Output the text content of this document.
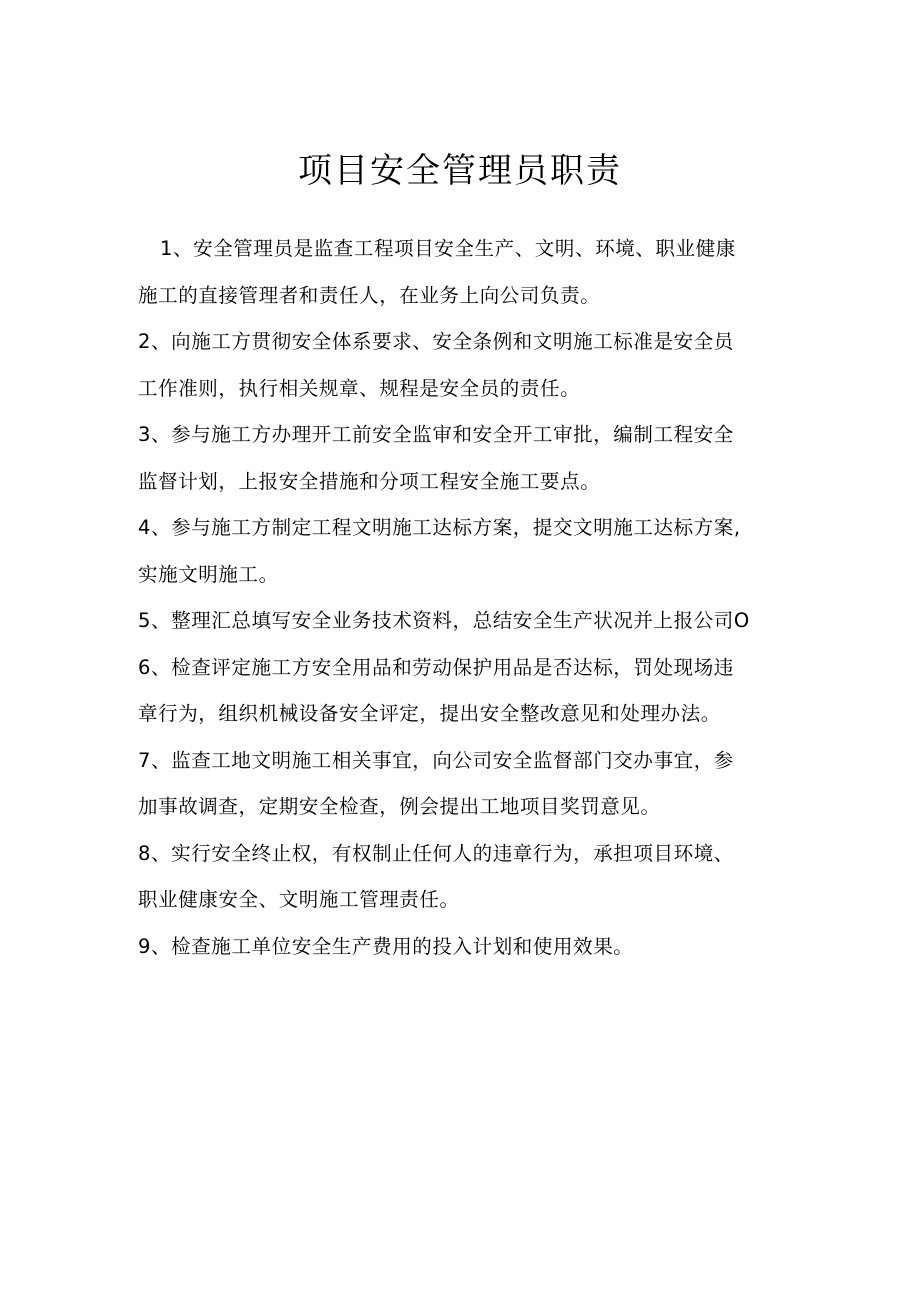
项目安全管理员职责

1、安全管理员是监查工程项目安全生产、文明、环境、职业健康
施工的直接管理者和责任人，在业务上向公司负责。

2、向施工方贯彻安全体系要求、安全条例和文明施工标准是安全员
工作准则，执行相关规章、规程是安全员的责任。

3、参与施工方办理开工前安全监审和安全开工审批，编制工程安全
监督计划，上报安全措施和分项工程安全施工要点。

4、参与施工方制定工程文明施工达标方案，提交文明施工达标方案,
实施文明施工。

5、整理汇总填写安全业务技术资料，总结安全生产状况并上报公司O

6、检查评定施工方安全用品和劳动保护用品是否达标，罚处现场违
章行为，组织机械设备安全评定，提出安全整改意见和处理办法。

7、监查工地文明施工相关事宜，向公司安全监督部门交办事宜，参
加事故调查，定期安全检查，例会提出工地项目奖罚意见。

8、实行安全终止权，有权制止任何人的违章行为，承担项目环境、
职业健康安全、文明施工管理责任。

9、检查施工单位安全生产费用的投入计划和使用效果。
